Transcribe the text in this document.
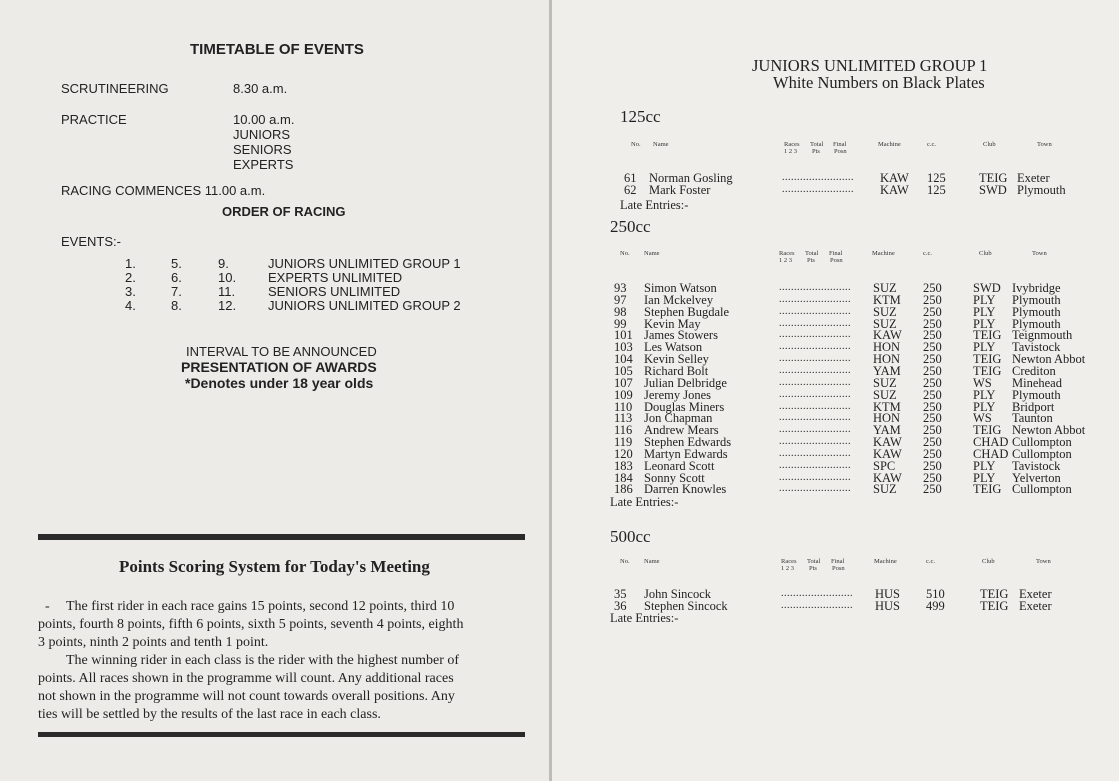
TIMETABLE OF EVENTS
SCRUTINEERING	8.30 a.m.
PRACTICE	10.00 a.m.
JUNIORS
SENIORS
EXPERTS
RACING COMMENCES 11.00 a.m.
ORDER OF RACING
EVENTS:-
1.	5.	9.	JUNIORS UNLIMITED GROUP 1
2.	6.	10. EXPERTS UNLIMITED
3.	7.	11.	SENIORS UNLIMITED
4.	8.	12. JUNIORS UNLIMITED GROUP 2
INTERVAL TO BE ANNOUNCED
PRESENTATION OF AWARDS
*Denotes under 18 year olds
Points Scoring System for Today's Meeting
- The first rider in each race gains 15 points, second 12 points, third 10
points, fourth 8 points, fifth 6 points, sixth 5 points, seventh 4 points, eighth
3 points, ninth 2 points and tenth 1 point.
The winning rider in each class is the rider with the highest number of
points. All races shown in the programme will count. Any additional races
not shown in the programme will not count towards overall positions. Any
ties will be settled by the results of the last race in each class.
JUNIORS UNLIMITED GROUP 1
White Numbers on Black Plates
125cc
No. Name	Races
1 2 3
Total
Pts
Final
Posn
Machine	c.c.	Club	Town
61 Norman Gosling	........................ KAW 125	TEIG Exeter
62 Mark Foster	........................ KAW 125	SWD Plymouth
Late Entries:-
250cc
No. Name	Races
1 2 3
Total
Pts
Final
Posn
Machine	c.c.	Club	Town
93 Simon Watson	........................ SUZ 250	SWD Ivybridge
97 Ian Mckelvey	........................ KTM 250	PLY Plymouth
98 Stephen Bugdale	........................ SUZ 250	PLY Plymouth
99 Kevin May	........................ SUZ 250	PLY Plymouth
101 James Stowers	........................ KAW 250	TEIG Teignmouth
103 Les Watson	........................ HON 250	PLY Tavistock
104 Kevin Selley	........................ HON 250	TEIG Newton Abbot
105 Richard Bolt	........................ YAM 250	TEIG Crediton
107 Julian Delbridge	........................ SUZ 250	WS Minehead
109 Jeremy Jones	........................ SUZ 250	PLY Plymouth
110 Douglas Miners	........................ KTM 250	PLY Bridport
113 Jon Chapman	........................ HON 250	WS Taunton
116 Andrew Mears	........................ YAM 250	TEIG Newton Abbot
119 Stephen Edwards	........................ KAW 250	CHAD Cullompton
120 Martyn Edwards	........................ KAW 250	CHAD Cullompton
183 Leonard Scott	........................ SPC 250	PLY Tavistock
184 Sonny Scott	........................ KAW 250	PLY Yelverton
186 Darren Knowles	........................ SUZ 250	TEIG Cullompton
Late Entries:-
500cc
No. Name	Races
1 2 3
Total
Pts
Final
Posn
Machine	c.c.	Club	Town
35 John Sincock	........................ HUS 510	TEIG Exeter
36 Stephen Sincock	........................ HUS 499	TEIG Exeter
Late Entries:-
